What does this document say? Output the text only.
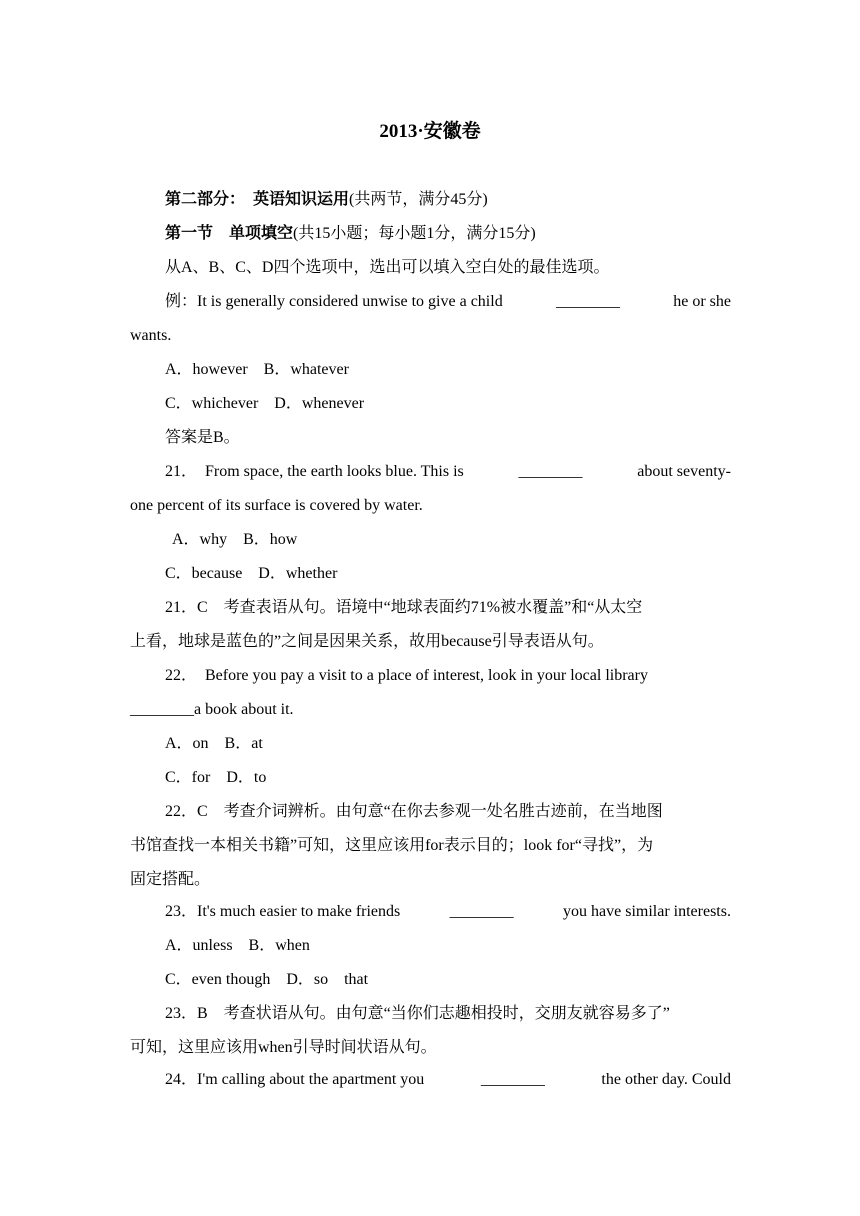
2013·安徽卷
第二部分：　英语知识运用(共两节，满分45分)
第一节　单项填空(共15小题；每小题1分，满分15分)
从A、B、C、D四个选项中，选出可以填入空白处的最佳选项。
例：It is generally considered unwise to give a child	________	he or she
wants.
A．however　B．whatever
C．whichever　D．whenever
答案是B。
21．　From space, the earth looks blue. This is	________	about seventy-
one percent of its surface is covered by water.
A．why　B．how
C．because　D．whether
21．C　考查表语从句。语境中“地球表面约71%被水覆盖”和“从太空
上看，地球是蓝色的”之间是因果关系，故用because引导表语从句。
22．　Before you pay a visit to a place of interest, look in your local library
________a book about it.
A．on　B．at
C．for　D．to
22．C　考查介词辨析。由句意“在你去参观一处名胜古迹前，在当地图
书馆查找一本相关书籍”可知，这里应该用for表示目的；look for“寻找”，为
固定搭配。
23．It's much easier to make friends	________	you have similar interests.
A．unless　B．when
C．even though　D．so　that
23．B　考查状语从句。由句意“当你们志趣相投时，交朋友就容易多了”
可知，这里应该用when引导时间状语从句。
24．I'm calling about the apartment you	________	the other day. Could
